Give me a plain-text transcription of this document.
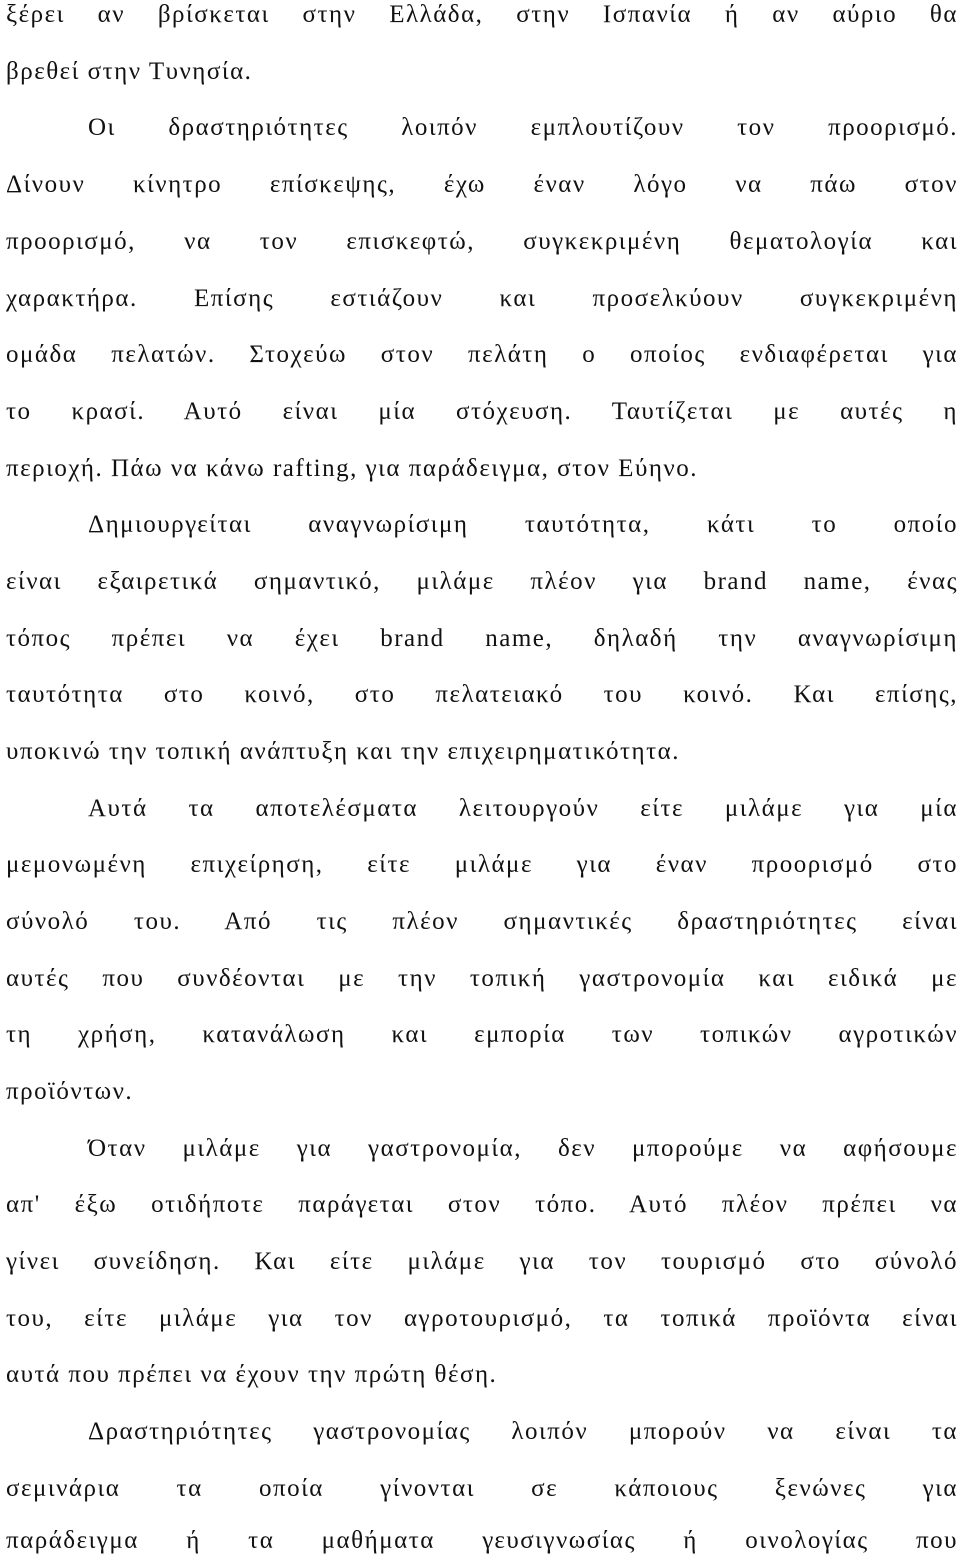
ξέρει αν βρίσκεται στην Ελλάδα, στην Ισπανία ή αν αύριο θα
βρεθεί στην Τυνησία.
Οι δραστηριότητες λοιπόν εμπλουτίζουν τον προορισμό.
Δίνουν κίνητρο επίσκεψης, έχω έναν λόγο να πάω στον
προορισμό, να τον επισκεφτώ, συγκεκριμένη θεματολογία και
χαρακτήρα. Επίσης εστιάζουν και προσελκύουν συγκεκριμένη
ομάδα πελατών. Στοχεύω στον πελάτη ο οποίος ενδιαφέρεται για
το κρασί. Αυτό είναι μία στόχευση. Ταυτίζεται με αυτές η
περιοχή. Πάω να κάνω rafting, για παράδειγμα, στον Εύηνο.
Δημιουργείται αναγνωρίσιμη ταυτότητα, κάτι το οποίο
είναι εξαιρετικά σημαντικό, μιλάμε πλέον για brand name, ένας
τόπος πρέπει να έχει brand name, δηλαδή την αναγνωρίσιμη
ταυτότητα στο κοινό, στο πελατειακό του κοινό. Και επίσης,
υποκινώ την τοπική ανάπτυξη και την επιχειρηματικότητα.
Αυτά τα αποτελέσματα λειτουργούν είτε μιλάμε για μία
μεμονωμένη επιχείρηση, είτε μιλάμε για έναν προορισμό στο
σύνολό του. Από τις πλέον σημαντικές δραστηριότητες είναι
αυτές που συνδέονται με την τοπική γαστρονομία και ειδικά με
τη χρήση, κατανάλωση και εμπορία των τοπικών αγροτικών
προϊόντων.
Όταν μιλάμε για γαστρονομία, δεν μπορούμε να αφήσουμε
απ' έξω οτιδήποτε παράγεται στον τόπο. Αυτό πλέον πρέπει να
γίνει συνείδηση. Και είτε μιλάμε για τον τουρισμό στο σύνολό
του, είτε μιλάμε για τον αγροτουρισμό, τα τοπικά προϊόντα είναι
αυτά που πρέπει να έχουν την πρώτη θέση.
Δραστηριότητες γαστρονομίας λοιπόν μπορούν να είναι τα
σεμινάρια τα οποία γίνονται σε κάποιους ξενώνες για
παράδειγμα ή τα μαθήματα γευσιγνωσίας ή οινολογίας που
